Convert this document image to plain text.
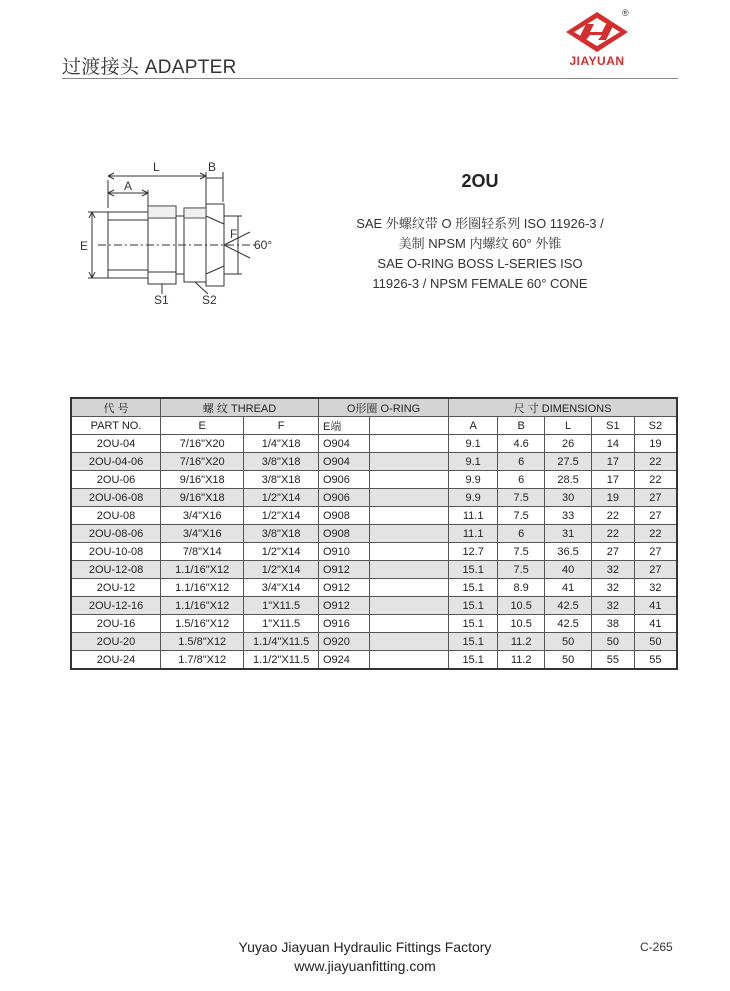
过渡接头 ADAPTER
®
JIAYUAN
L
A
B
E
F
60°
S1	S2
2OU
SAE 外螺纹带 O 形圈轻系列 ISO 11926-3 /
美制 NPSM 内螺纹 60° 外锥
SAE O-RING BOSS L-SERIES ISO
11926-3 / NPSM FEMALE 60° CONE
代 号	螺 纹 THREAD		O形圈 O-RING		尺 寸 DIMENSIONS				
PART NO.	E	F	E端		A	B	L	S1	S2
2OU-04	7/16"X20	1/4"X18	O904		9.1	4.6	26	14	19
2OU-04-06	7/16"X20	3/8"X18	O904		9.1	6	27.5	17	22
2OU-06	9/16"X18	3/8"X18	O906		9.9	6	28.5	17	22
2OU-06-08	9/16"X18	1/2"X14	O906		9.9	7.5	30	19	27
2OU-08	3/4"X16	1/2"X14	O908		11.1	7.5	33	22	27
2OU-08-06	3/4"X16	3/8"X18	O908		11.1	6	31	22	22
2OU-10-08	7/8"X14	1/2"X14	O910		12.7	7.5	36.5	27	27
2OU-12-08	1.1/16"X12	1/2"X14	O912		15.1	7.5	40	32	27
2OU-12	1.1/16"X12	3/4"X14	O912		15.1	8.9	41	32	32
2OU-12-16	1.1/16"X12	1"X11.5	O912		15.1	10.5	42.5	32	41
2OU-16	1.5/16"X12	1"X11.5	O916		15.1	10.5	42.5	38	41
2OU-20	1.5/8"X12	1.1/4"X11.5	O920		15.1	11.2	50	50	50
2OU-24	1.7/8"X12	1.1/2"X11.5	O924		15.1	11.2	50	55	55
Yuyao Jiayuan Hydraulic Fittings Factory
www.jiayuanfitting.com
C-265
